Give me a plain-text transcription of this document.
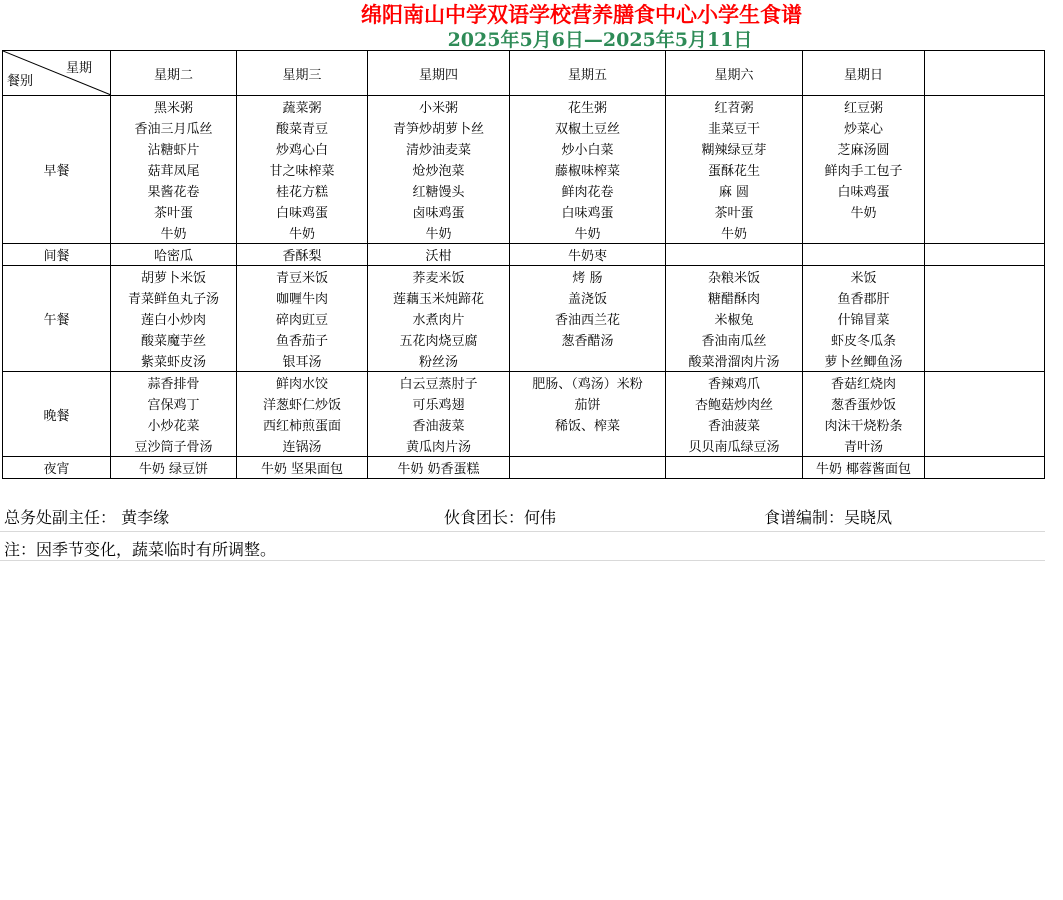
绵阳南山中学双语学校营养膳食中心小学生食谱
2025年5月6日—2025年5月11日
星期
餐别	星期二	星期三	星期四	星期五	星期六	星期日	
早餐	黑米粥	蔬菜粥	小米粥	花生粥	红苕粥	红豆粥	
	香油三月瓜丝	酸菜青豆	青笋炒胡萝卜丝	双椒土豆丝	韭菜豆干	炒菜心	
	沾糖虾片	炒鸡心白	清炒油麦菜	炒小白菜	糊辣绿豆芽	芝麻汤圆	
	菇茸凤尾	甘之味榨菜	炝炒泡菜	藤椒味榨菜	蛋酥花生	鲜肉手工包子	
	果酱花卷	桂花方糕	红糖馒头	鲜肉花卷	麻 圆	白味鸡蛋	
	茶叶蛋	白味鸡蛋	卤味鸡蛋	白味鸡蛋	茶叶蛋	牛奶	
	牛奶	牛奶	牛奶	牛奶	牛奶		
间餐	哈密瓜	香酥梨	沃柑	牛奶枣			
午餐	胡萝卜米饭	青豆米饭	荞麦米饭	烤 肠	杂粮米饭	米饭	
	青菜鲜鱼丸子汤	咖喱牛肉	莲藕玉米炖蹄花	盖浇饭	糖醋酥肉	鱼香郡肝	
	莲白小炒肉	碎肉豇豆	水煮肉片	香油西兰花	米椒兔	什锦冒菜	
	酸菜魔芋丝	鱼香茄子	五花肉烧豆腐	葱香醋汤	香油南瓜丝	虾皮冬瓜条	
	紫菜虾皮汤	银耳汤	粉丝汤		酸菜滑溜肉片汤	萝卜丝鲫鱼汤	
晚餐	蒜香排骨	鲜肉水饺	白云豆蒸肘子	肥肠、（鸡汤）米粉	香辣鸡爪	香菇红烧肉	
	宫保鸡丁	洋葱虾仁炒饭	可乐鸡翅	茄饼	杏鲍菇炒肉丝	葱香蛋炒饭	
	小炒花菜	西红柿煎蛋面	香油菠菜	稀饭、榨菜	香油菠菜	肉沫干烧粉条	
	豆沙筒子骨汤	连锅汤	黄瓜肉片汤		贝贝南瓜绿豆汤	青叶汤	
夜宵	牛奶 绿豆饼	牛奶 坚果面包	牛奶 奶香蛋糕			牛奶 椰蓉酱面包	
总务处副主任： 黄李缘	伙食团长：何伟	食谱编制：吴晓凤
注：因季节变化，蔬菜临时有所调整。
